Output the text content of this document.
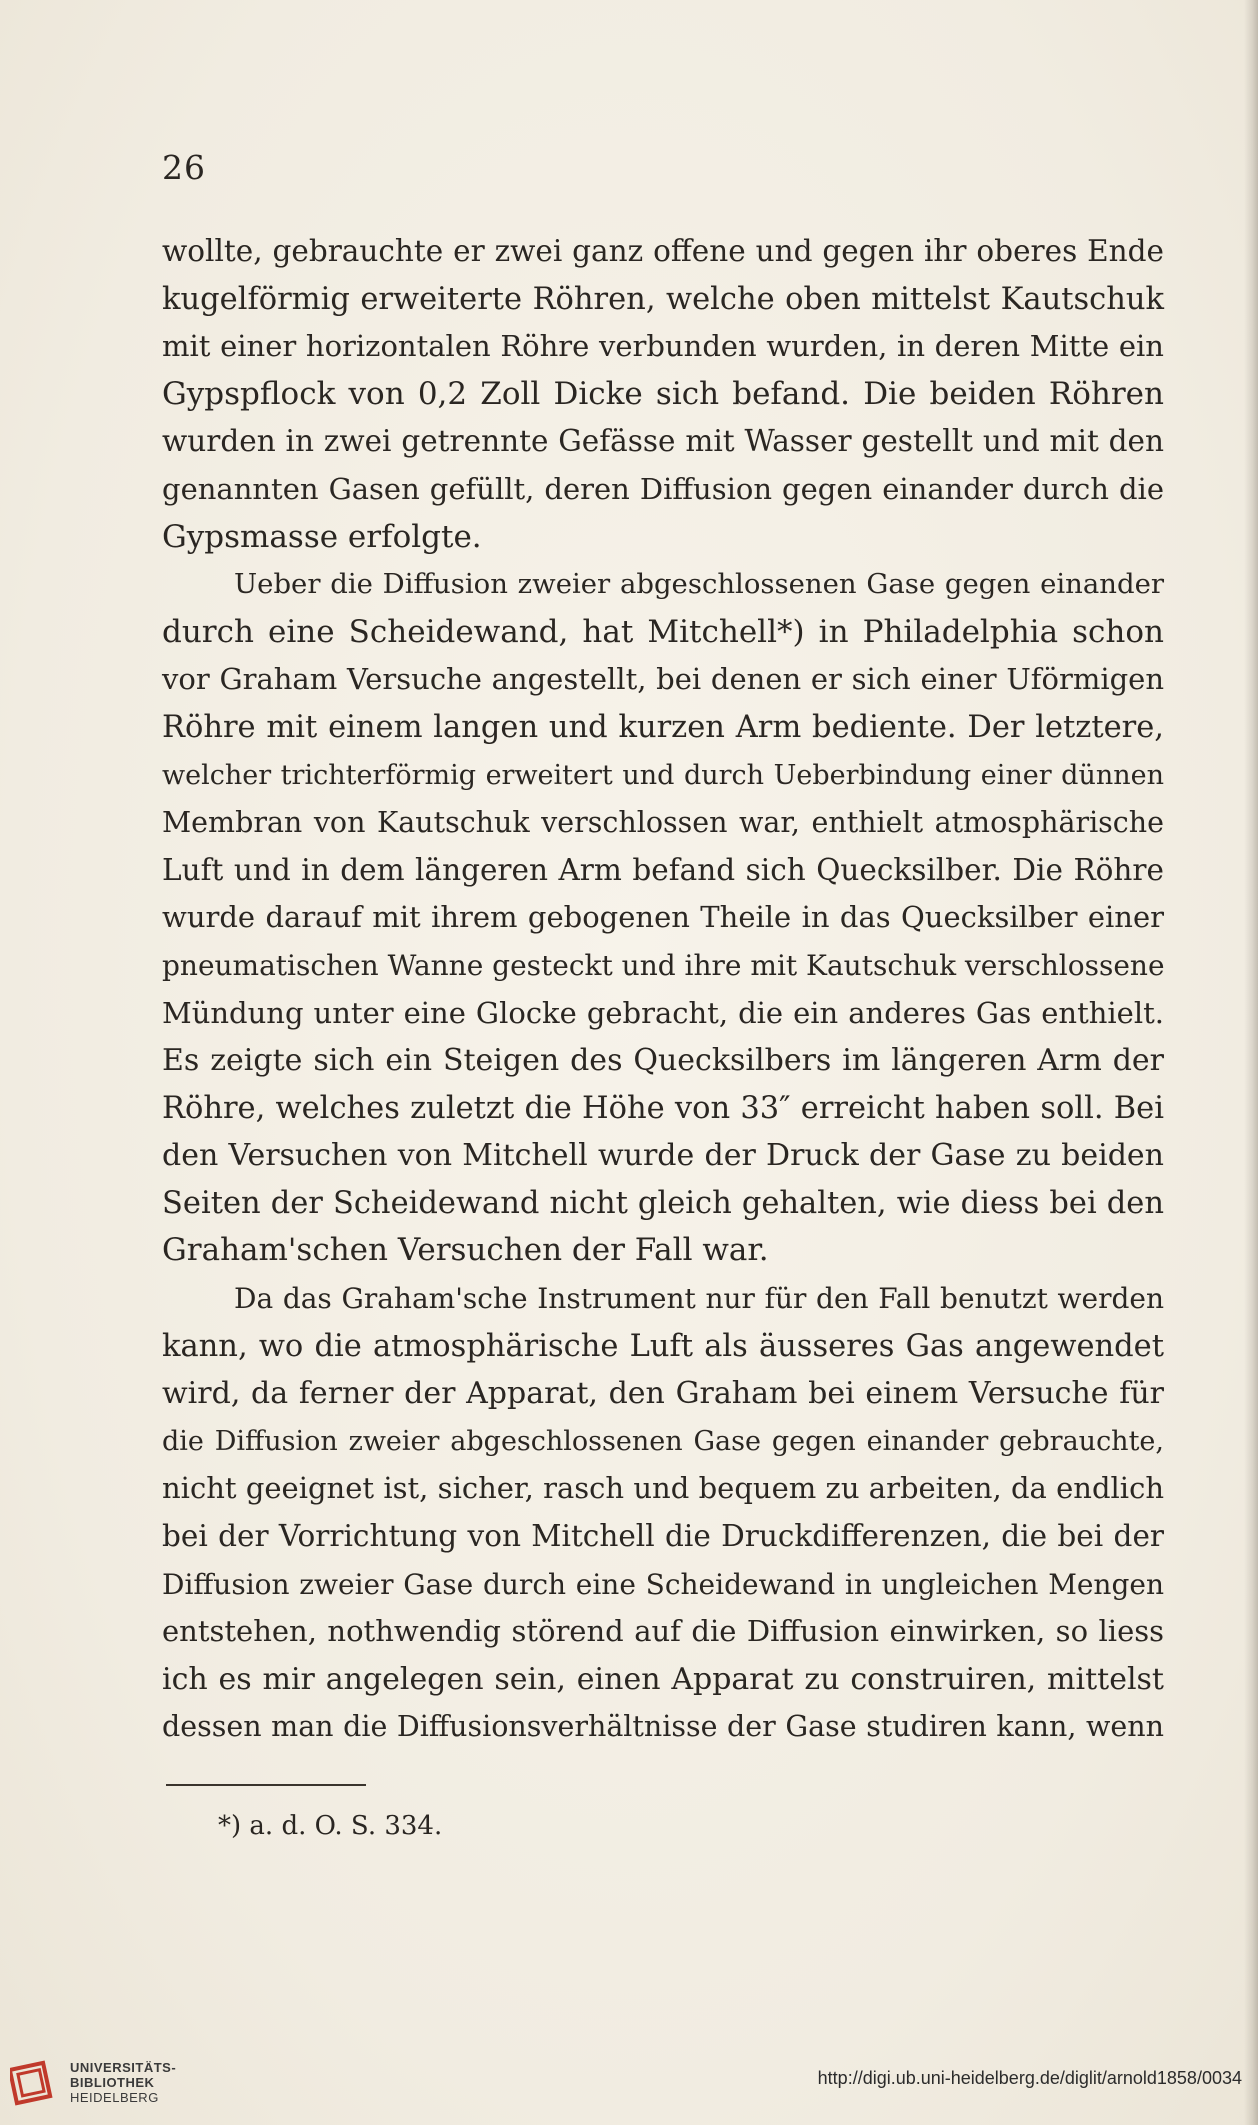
26
wollte, gebrauchte er zwei ganz offene und gegen ihr oberes Ende
kugelförmig erweiterte Röhren, welche oben mittelst Kautschuk
mit einer horizontalen Röhre verbunden wurden, in deren Mitte ein
Gypspflock von 0,2 Zoll Dicke sich befand. Die beiden Röhren
wurden in zwei getrennte Gefässe mit Wasser gestellt und mit den
genannten Gasen gefüllt, deren Diffusion gegen einander durch die
Gypsmasse erfolgte.
Ueber die Diffusion zweier abgeschlossenen Gase gegen einander
durch eine Scheidewand, hat Mitchell*) in Philadelphia schon
vor Graham Versuche angestellt, bei denen er sich einer Uförmigen
Röhre mit einem langen und kurzen Arm bediente. Der letztere,
welcher trichterförmig erweitert und durch Ueberbindung einer dünnen
Membran von Kautschuk verschlossen war, enthielt atmosphärische
Luft und in dem längeren Arm befand sich Quecksilber. Die Röhre
wurde darauf mit ihrem gebogenen Theile in das Quecksilber einer
pneumatischen Wanne gesteckt und ihre mit Kautschuk verschlossene
Mündung unter eine Glocke gebracht, die ein anderes Gas enthielt.
Es zeigte sich ein Steigen des Quecksilbers im längeren Arm der
Röhre, welches zuletzt die Höhe von 33″ erreicht haben soll. Bei
den Versuchen von Mitchell wurde der Druck der Gase zu beiden
Seiten der Scheidewand nicht gleich gehalten, wie diess bei den
Graham'schen Versuchen der Fall war.
Da das Graham'sche Instrument nur für den Fall benutzt werden
kann, wo die atmosphärische Luft als äusseres Gas angewendet
wird, da ferner der Apparat, den Graham bei einem Versuche für
die Diffusion zweier abgeschlossenen Gase gegen einander gebrauchte,
nicht geeignet ist, sicher, rasch und bequem zu arbeiten, da endlich
bei der Vorrichtung von Mitchell die Druckdifferenzen, die bei der
Diffusion zweier Gase durch eine Scheidewand in ungleichen Mengen
entstehen, nothwendig störend auf die Diffusion einwirken, so liess
ich es mir angelegen sein, einen Apparat zu construiren, mittelst
dessen man die Diffusionsverhältnisse der Gase studiren kann, wenn
*) a. d. O. S. 334.
UNIVERSITÄTS-
BIBLIOTHEK
HEIDELBERG
http://digi.ub.uni-heidelberg.de/diglit/arnold1858/0034
